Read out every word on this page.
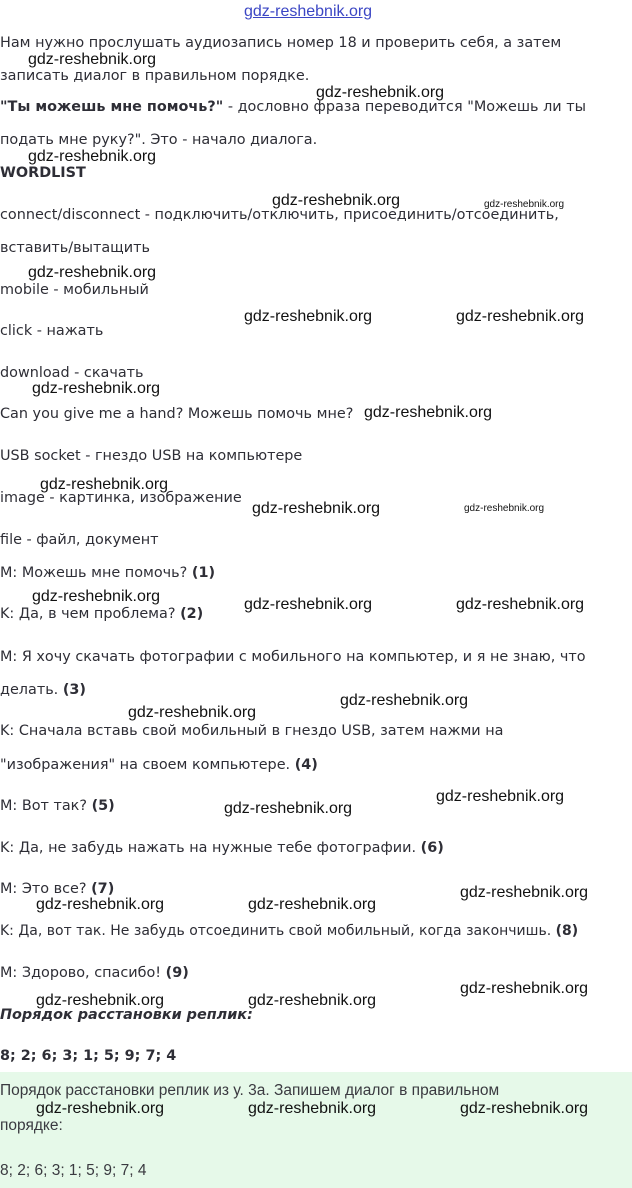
Нам нужно прослушать аудиозапись номер 18 и проверить себя, а затем
записать диалог в правильном порядке.
"Ты можешь мне помочь?" - дословно фраза переводится "Можешь ли ты
подать мне руку?". Это - начало диалога.
WORDLIST
connect/disconnect - подключить/отключить, присоединить/отсоединить,
вставить/вытащить
mobile - мобильный
click - нажать
download - скачать
Can you give me a hand? Можешь помочь мне?
USB socket - гнездо USB на компьютере
image - картинка, изображение
file - файл, документ
M: Можешь мне помочь? (1)
K: Да, в чем проблема? (2)
M: Я хочу скачать фотографии с мобильного на компьютер, и я не знаю, что
делать. (3)
K: Сначала вставь свой мобильный в гнездо USB, затем нажми на
"изображения" на своем компьютере. (4)
M: Вот так? (5)
K: Да, не забудь нажать на нужные тебе фотографии. (6)
M: Это все? (7)
K: Да, вот так. Не забудь отсоединить свой мобильный, когда закончишь. (8)
M: Здорово, спасибо! (9)
Порядок расстановки реплик:
8; 2; 6; 3; 1; 5; 9; 7; 4
Порядок расстановки реплик из у. 3а. Запишем диалог в правильном
порядке:
8; 2; 6; 3; 1; 5; 9; 7; 4
gdz-reshebnik.org
gdz-reshebnik.org
gdz-reshebnik.org
gdz-reshebnik.org
gdz-reshebnik.org	gdz-reshebnik.org
gdz-reshebnik.org
gdz-reshebnik.org	gdz-reshebnik.org
gdz-reshebnik.org
gdz-reshebnik.org
gdz-reshebnik.org
gdz-reshebnik.org	gdz-reshebnik.org
gdz-reshebnik.org	gdz-reshebnik.org	gdz-reshebnik.org
gdz-reshebnik.org
gdz-reshebnik.org
gdz-reshebnik.org
gdz-reshebnik.org
gdz-reshebnik.org
gdz-reshebnik.org	gdz-reshebnik.org
gdz-reshebnik.org
gdz-reshebnik.org	gdz-reshebnik.org
gdz-reshebnik.org	gdz-reshebnik.org	gdz-reshebnik.org
